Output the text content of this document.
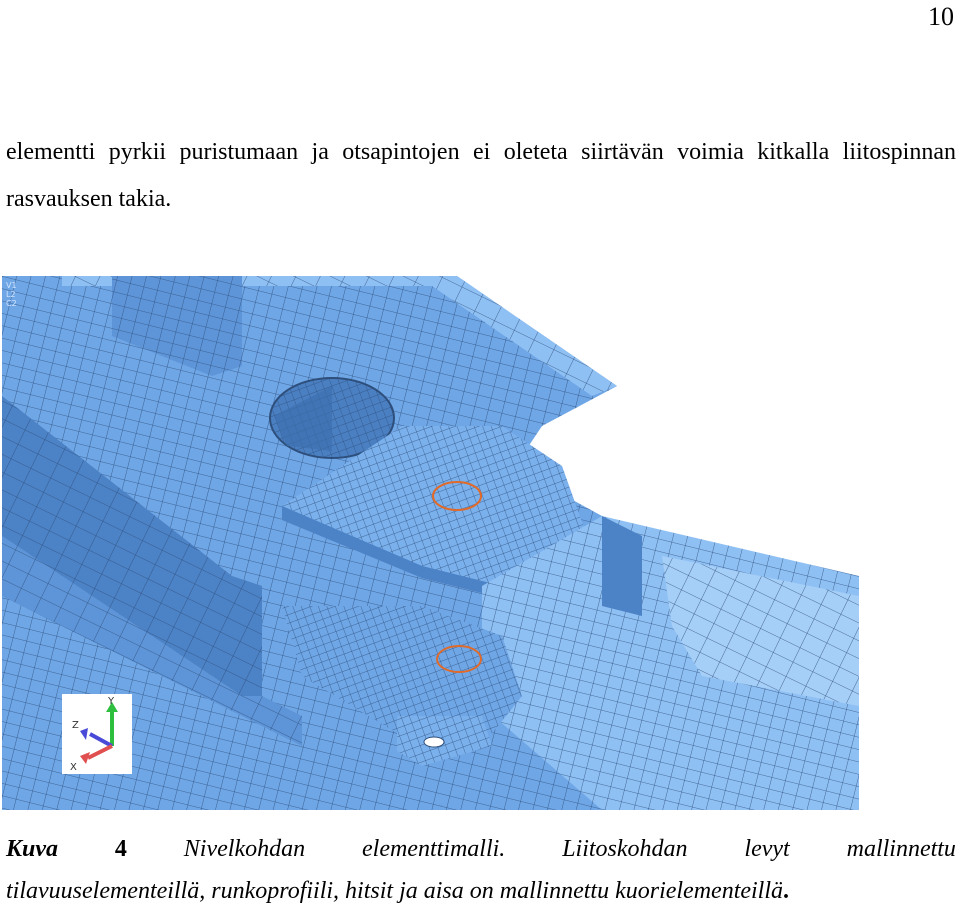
10

elementti pyrkii puristumaan ja otsapintojen ei oleteta siirtävän voimia kitkalla liitospinnan rasvauksen takia.

V1
L2
C2
Y
Z
X
Kuva 4 Nivelkohdan elementtimalli. Liitoskohdan levyt mallinnettu
tilavuuselementeillä, runkoprofiili, hitsit ja aisa on mallinnettu kuorielementeillä.
